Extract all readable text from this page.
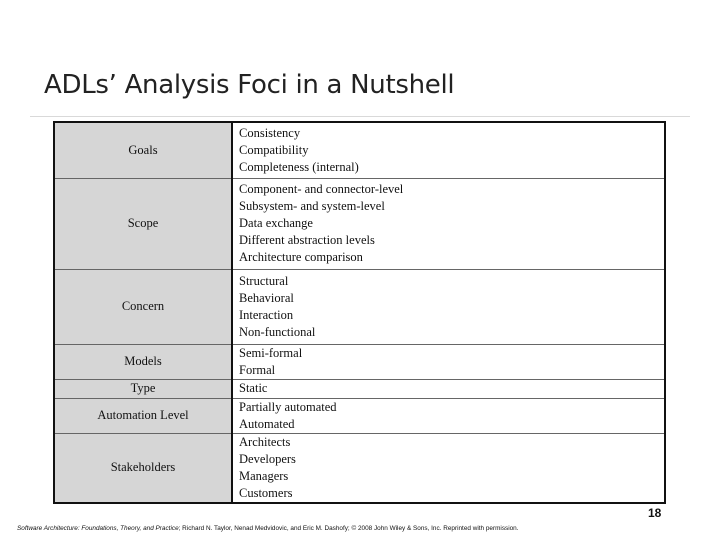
ADLs’ Analysis Foci in a Nutshell
Goals	Consistency
Compatibility
Completeness (internal)

Scope	Component- and connector-level
Subsystem- and system-level
Data exchange
Different abstraction levels
Architecture comparison

Concern	Structural
Behavioral
Interaction
Non-functional

Models	Semi-formal
Formal

Type	Static

Automation Level	Partially automated
Automated

Stakeholders	Architects
Developers
Managers
Customers
18
Software Architecture: Foundations, Theory, and Practice; Richard N. Taylor, Nenad Medvidovic, and Eric M. Dashofy; © 2008 John Wiley & Sons, Inc. Reprinted with permission.
